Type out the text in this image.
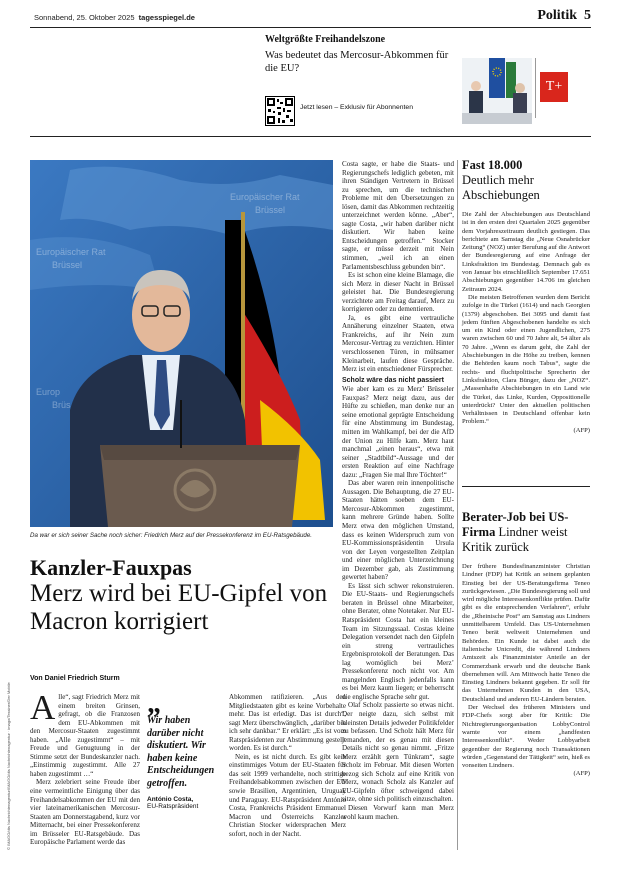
Sonnabend, 25. Oktober 2025 tagesspiegel.de	Politik 5
Weltgrößte Freihandelszone
Was bedeutet das Mercosur-Abkommen für die EU?
Jetzt lesen – Exklusiv für Abonnenten
T+
Europäischer Rat
Brüssel
Europäischer Rat
Brüssel
Europ
Brüs
Da war er sich seiner Sache noch sicher: Friedrich Merz auf der Pressekonferenz im EU-Ratsgebäude.
Kanzler-Fauxpas
Merz wird bei EU-Gipfel von Macron korrigiert
Von Daniel Friedrich Sturm

Alle“, sagt Friedrich Merz mit einem breiten Grinsen, gefragt, ob die Franzosen dem EU-Abkommen mit den Mercosur-Staaten zugestimmt haben. „Alle zugestimmt“ – mit Freude und Genugtuung in der Stimme setzt der Bundeskanzler nach. „Einstimmig zugestimmt. Alle 27 haben zugestimmt …“

Merz zelebriert seine Freude über eine vermeintliche Einigung über das Freihandelsabkommen der EU mit den vier lateinamerikanischen Mercosur-Staaten am Donnerstagabend, kurz vor Mitternacht, bei einer Pressekonferenz im Brüsseler EU-Ratsgebäude. Das Europäische Parlament werde das

„
Wir haben darüber nicht diskutiert. Wir haben keine Entscheidungen getroffen.
António Costa,
EU-Ratspräsident

Abkommen ratifizieren. „Aus den Mitgliedstaaten gibt es keine Vorbehalte mehr. Das ist erledigt. Das ist durch“, sagt Merz überschwänglich, „darüber bin ich sehr dankbar.“ Er erklärt: „Es ist vom Ratspräsidenten zur Abstimmung gestellt worden. Es ist durch.“

Nein, es ist nicht durch. Es gibt kein einstimmiges Votum der EU-Staaten für das seit 1999 verhandelte, noch strittige Freihandelsabkommen zwischen der EU sowie Brasilien, Argentinien, Uruguay und Paraguay. EU-Ratspräsident António Costa, Frankreichs Präsident Emmanuel Macron und Österreichs Kanzler Christian Stocker widersprachen Merz sofort, noch in der Nacht.

Costa sagte, er habe die Staats- und Regierungschefs lediglich gebeten, mit ihren Ständigen Vertretern in Brüssel zu sprechen, um die technischen Probleme mit den Übersetzungen zu lösen, damit das Abkommen rechtzeitig unterzeichnet werden könne. „Aber“, sagte Costa, „wir haben darüber nicht diskutiert. Wir haben keine Entscheidungen getroffen.“ Stocker sagte, er müsse derzeit mit Nein stimmen, „weil ich an einen Parlamentsbeschluss gebunden bin“.

Es ist schon eine kleine Blamage, die sich Merz in dieser Nacht in Brüssel geleistet hat. Die Bundesregierung verzichtete am Freitag darauf, Merz zu korrigieren oder zu dementieren.

Ja, es gibt eine vertrauliche Annäherung einzelner Staaten, etwa Frankreichs, auf ihr Nein zum Mercosur-Vertrag zu verzichten. Hinter verschlossenen Türen, in mühsamer Kleinarbeit, laufen diese Gespräche. Merz ist ein entschiedener Fürsprecher.

Scholz wäre das nicht passiert

Wie aber kam es zu Merz’ Brüsseler Fauxpas? Merz neigt dazu, aus der Hüfte zu schießen, man denke nur an seine emotional geprägte Entscheidung für eine Abstimmung im Bundestag, mitten im Wahlkampf, bei der die AfD der Union zu Hilfe kam. Merz haut manchmal „einen heraus“, etwa mit seiner „Stadtbild“-Aussage und der ersten Reaktion auf eine Nachfrage dazu: „Fragen Sie mal Ihre Töchter!“

Das aber waren rein innenpolitische Aussagen. Die Behauptung, die 27 EU-Staaten hätten soeben dem EU-Mercosur-Abkommen zugestimmt, kann mehrere Gründe haben. Sollte Merz etwa den möglichen Umstand, dass es keinen Widerspruch zum von EU-Kommissionspräsidentin Ursula von der Leyen vorgestellten Zeitplan und einer möglichen Unterzeichnung im Dezember gab, als Zustimmung gewertet haben?

Es lässt sich schwer rekonstruieren. Die EU-Staats- und Regierungschefs beraten in Brüssel ohne Mitarbeiter, ohne Berater, ohne Notetaker. Nur EU-Ratspräsident Costa hat ein kleines Team im Sitzungssaal. Costas kleine Delegation versendet nach den Gipfeln ein streng vertrauliches Ergebnisprotokoll der Beratungen. Das lag womöglich bei Merz’ Pressekonferenz noch nicht vor. Am mangelnden Englisch jedenfalls kann es bei Merz kaum liegen; er beherrscht die englische Sprache sehr gut.

Olaf Scholz passierte so etwas nicht. Der neigte dazu, sich selbst mit kleinsten Details jedweder Politikfelder zu befassen. Und Scholz hält Merz für jemanden, der es genau mit diesen Details nicht so genau nimmt. „Fritze Merz erzählt gern Tünkram“, sagte Scholz im Februar. Mit diesen Worten bezog sich Scholz auf eine Kritik von Merz, wonach Scholz als Kanzler auf EU-Gipfeln öfter schweigend dabei sitze, ohne sich politisch einzuschalten.

Diesen Vorwurf kann man Merz wohl kaum machen.

Fast 18.000
Deutlich mehr Abschiebungen

Die Zahl der Abschiebungen aus Deutschland ist in den ersten drei Quartalen 2025 gegenüber dem Vorjahreszeitraum deutlich gestiegen. Das berichtete am Samstag die „Neue Osnabrücker Zeitung“ (NOZ) unter Berufung auf die Antwort der Bundesregierung auf eine Anfrage der Linksfraktion im Bundestag. Demnach gab es von Januar bis einschließlich September 17.651 Abschiebungen gegenüber 14.706 im gleichen Zeitraum 2024.

Die meisten Betroffenen wurden dem Bericht zufolge in die Türkei (1614) und nach Georgien (1379) abgeschoben. Bei 3095 und damit fast jedem fünften Abgeschobenen handelte es sich um ein Kind oder einen Jugendlichen, 275 waren zwischen 60 und 70 Jahre alt, 54 älter als 70 Jahre. „Wenn es darum geht, die Zahl der Abschiebungen in die Höhe zu treiben, kennen die Behörden kaum noch Tabus“, sagte die rechts- und fluchtpolitische Sprecherin der Linksfraktion, Clara Bünger, dazu der „NOZ“. „Massenhafte Abschiebungen in ein Land wie die Türkei, das Linke, Kurden, Oppositionelle unterdrückt? Unter den aktuellen politischen Verhältnissen in Deutschland offenbar kein Problem.“

(AFP)

Berater-Job bei US-Firma Lindner weist Kritik zurück

Der frühere Bundesfinanzminister Christian Lindner (FDP) hat Kritik an seinem geplanten Einstieg bei der US-Beratungsfirma Teneo zurückgewiesen. „Die Bundesregierung soll und wird mögliche Interessenkonflikte prüfen. Dafür gibt es die entsprechenden Verfahren“, erfuhr die „Rheinische Post“ am Samstag aus Lindners unmittelbarem Umfeld. Das US-Unternehmen Teneo berät weltweit Unternehmen und Behörden. Ein Kunde ist dabei auch die italienische Unicredit, die während Lindners Amtszeit als Finanzminister Anteile an der Commerzbank erwarb und die deutsche Bank übernehmen will. Am Mittwoch hatte Teneo die Einstieg Lindners bekannt gegeben. Er soll für das Unternehmen Kunden in den USA, Deutschland und anderen EU-Ländern beraten.

Der Wechsel des früheren Ministers und FDP-Chefs sorgt aber für Kritik: Die Nichtregierungsorganisation LobbyControl warnte vor einem „handfesten Interessenkonflikt“. Weder Lobbyarbeit gegenüber der Regierung noch Transaktionen würden „Gegenstand der Tätigkeit“ sein, hieß es vonseiten Lindners.

(AFP)

© IMAGO/dts Nachrichtenagentur/IMAGO/dts Nachrichtenagentur · imago/Tessiner/Der Mobile
